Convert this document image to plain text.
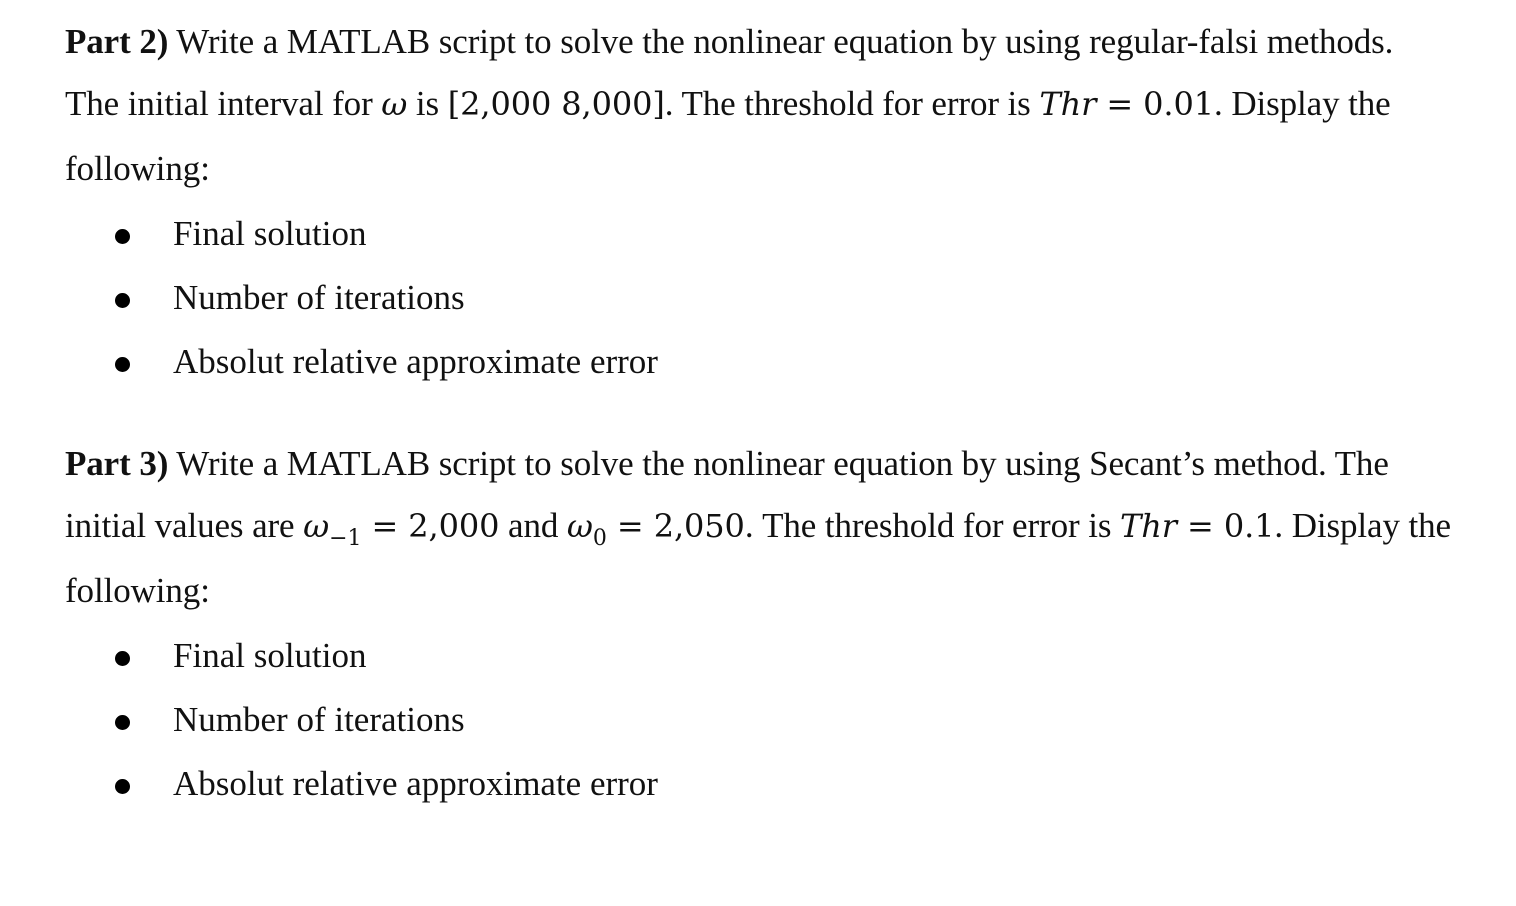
Part 2) Write a MATLAB script to solve the nonlinear equation by using regular-falsi methods.
The initial interval for ω is [2,000 8,000]. The threshold for error is Thr = 0.01. Display the
following:
Final solution
Number of iterations
Absolut relative approximate error
Part 3) Write a MATLAB script to solve the nonlinear equation by using Secant’s method. The
initial values are $\omega_{-1} = 2,000$ and $\omega_0 = 2,050$. The threshold for error is Thr = 0.1. Display the
following:
Final solution
Number of iterations
Absolut relative approximate error
